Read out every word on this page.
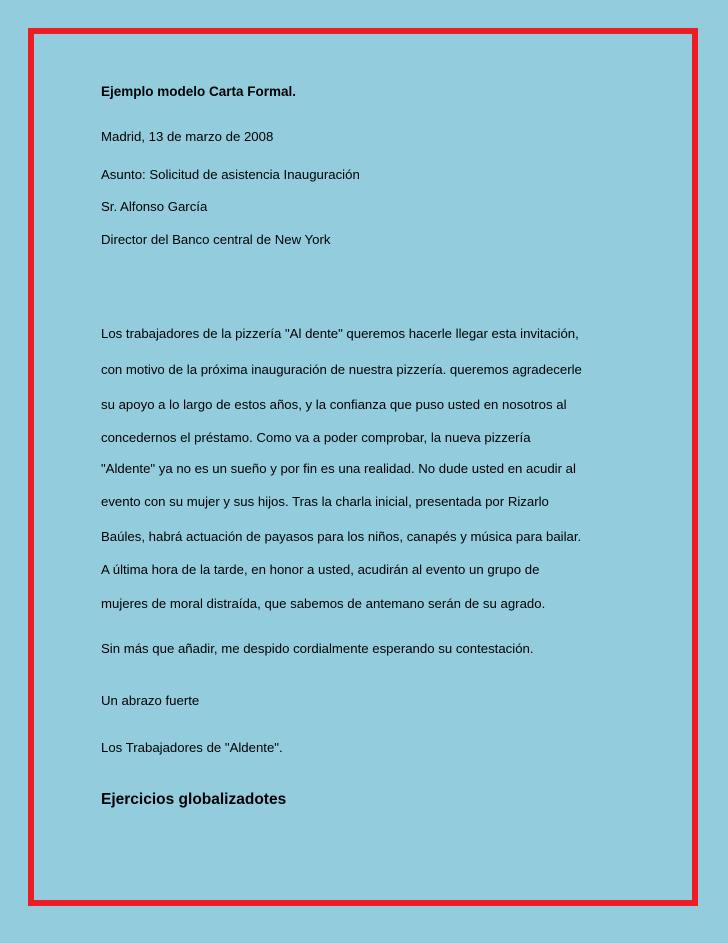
Ejemplo modelo Carta Formal.
Madrid, 13 de marzo de 2008
Asunto: Solicitud de asistencia Inauguración
Sr. Alfonso García
Director del Banco central de New York
Los trabajadores de la pizzería "Al dente" queremos hacerle llegar esta invitación,
con motivo de la próxima inauguración de nuestra pizzería. queremos agradecerle
su apoyo a lo largo de estos años, y la confianza que puso usted en nosotros al
concedernos el préstamo. Como va a poder comprobar, la nueva pizzería
"Aldente" ya no es un sueño y por fin es una realidad. No dude usted en acudir al
evento con su mujer y sus hijos. Tras la charla inicial, presentada por Rizarlo
Baúles, habrá actuación de payasos para los niños, canapés y música para bailar.
A última hora de la tarde, en honor a usted, acudirán al evento un grupo de
mujeres de moral distraída, que sabemos de antemano serán de su agrado.
Sin más que añadir, me despido cordialmente esperando su contestación.
Un abrazo fuerte
Los Trabajadores de "Aldente".
Ejercicios globalizadotes
